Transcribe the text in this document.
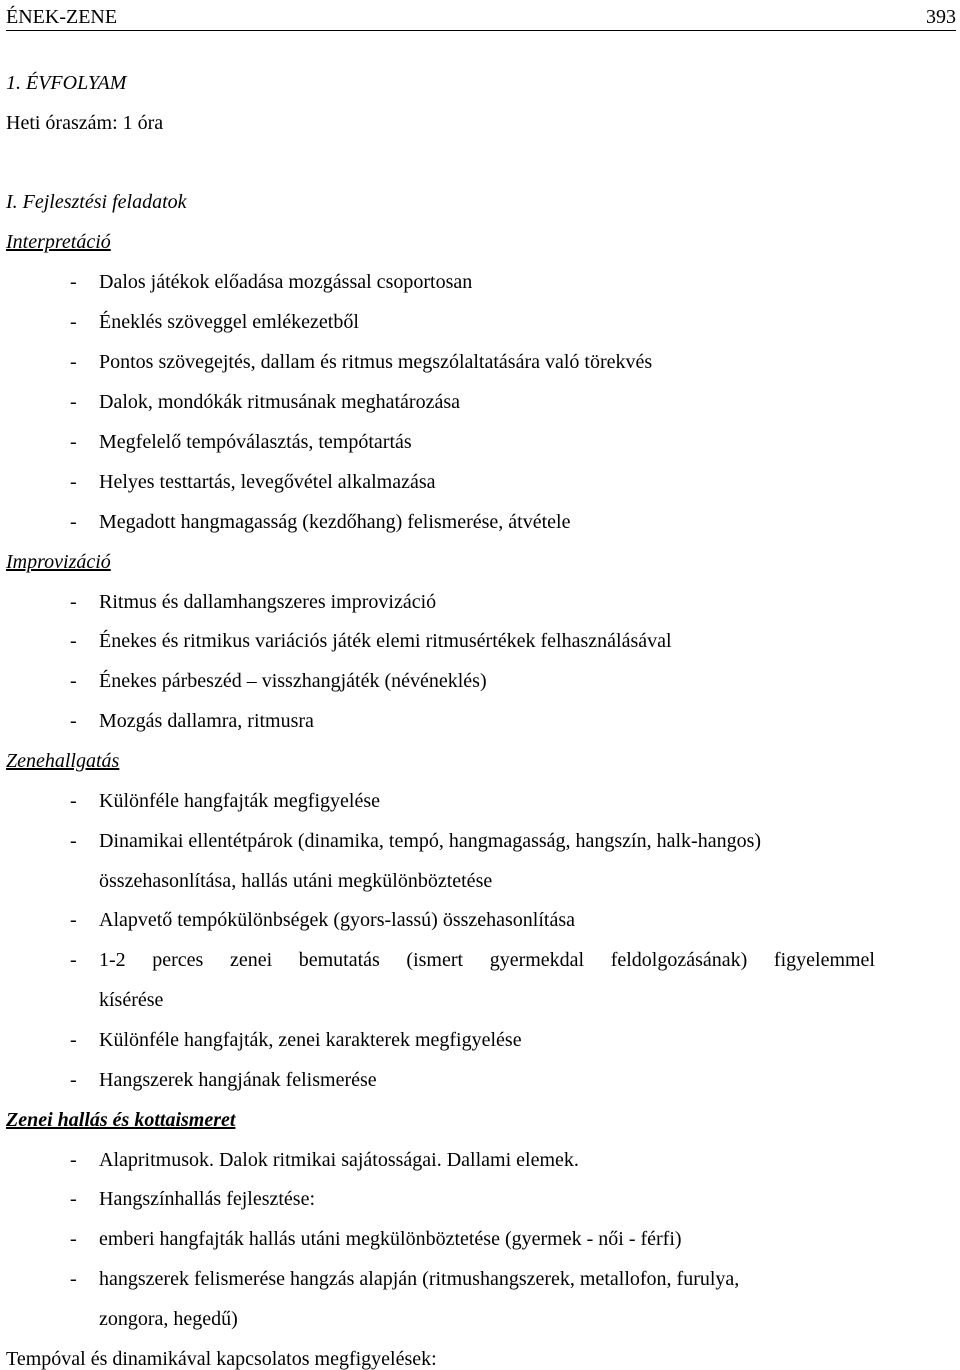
ÉNEK-ZENE	393
1. ÉVFOLYAM
Heti óraszám: 1 óra
I. Fejlesztési feladatok
Interpretáció
- Dalos játékok előadása mozgással csoportosan
- Éneklés szöveggel emlékezetből
- Pontos szövegejtés, dallam és ritmus megszólaltatására való törekvés
- Dalok, mondókák ritmusának meghatározása
- Megfelelő tempóválasztás, tempótartás
- Helyes testtartás, levegővétel alkalmazása
- Megadott hangmagasság (kezdőhang) felismerése, átvétele
Improvizáció
- Ritmus és dallamhangszeres improvizáció
- Énekes és ritmikus variációs játék elemi ritmusértékek felhasználásával
- Énekes párbeszéd – visszhangjáték (névéneklés)
- Mozgás dallamra, ritmusra
Zenehallgatás
- Különféle hangfajták megfigyelése
- Dinamikai ellentétpárok (dinamika, tempó, hangmagasság, hangszín, halk-hangos)
összehasonlítása, hallás utáni megkülönböztetése
- Alapvető tempókülönbségek (gyors-lassú) összehasonlítása
- 1-2 perces zenei bemutatás (ismert gyermekdal feldolgozásának) figyelemmel
kísérése
- Különféle hangfajták, zenei karakterek megfigyelése
- Hangszerek hangjának felismerése
Zenei hallás és kottaismeret
- Alapritmusok. Dalok ritmikai sajátosságai. Dallami elemek.
- Hangszínhallás fejlesztése:
- emberi hangfajták hallás utáni megkülönböztetése (gyermek - női - férfi)
- hangszerek felismerése hangzás alapján (ritmushangszerek, metallofon, furulya,
zongora, hegedű)
Tempóval és dinamikával kapcsolatos megfigyelések:
